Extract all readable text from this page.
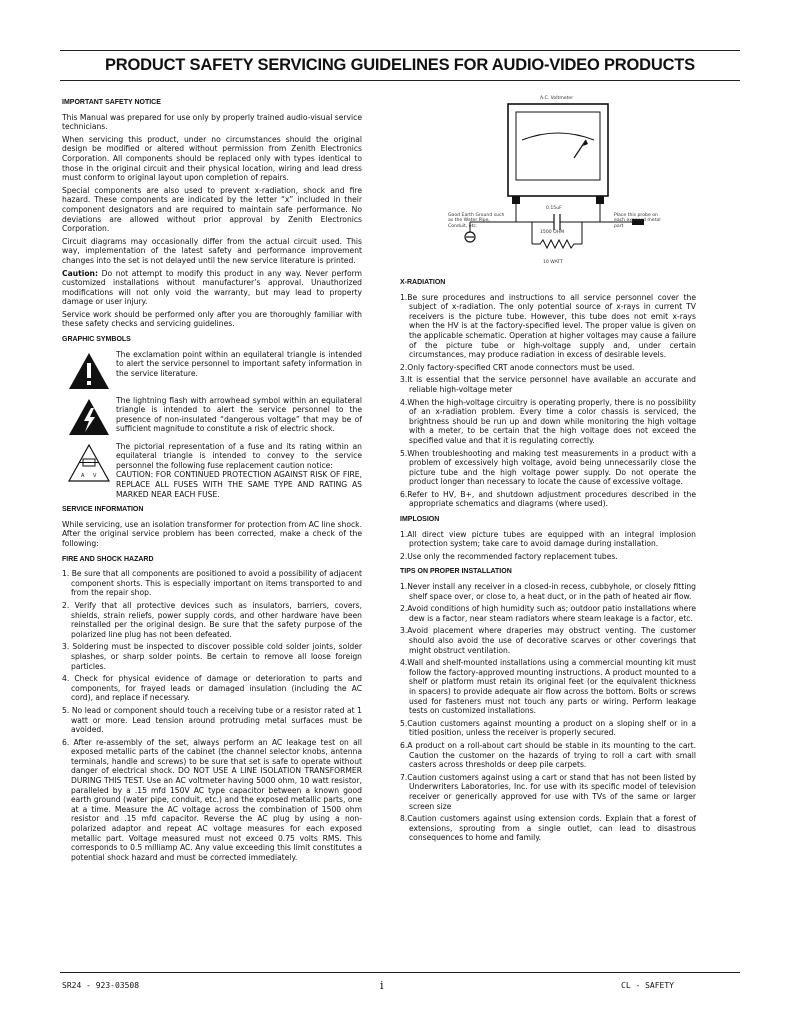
PRODUCT SAFETY SERVICING GUIDELINES FOR AUDIO-VIDEO PRODUCTS
IMPORTANT SAFETY NOTICE

This Manual was prepared for use only by properly trained audio-visual service technicians.

When servicing this product, under no circumstances should the original design be modified or altered without permission from Zenith Electronics Corporation. All components should be replaced only with types identical to those in the original circuit and their physical location, wiring and lead dress must conform to original layout upon completion of repairs.

Special components are also used to prevent x-radiation, shock and fire hazard. These components are indicated by the letter “x” included in their component designators and are required to maintain safe performance. No deviations are allowed without prior approval by Zenith Electronics Corporation.

Circuit diagrams may occasionally differ from the actual circuit used. This way, implementation of the latest safety and performance improvement changes into the set is not delayed until the new service literature is printed.

Caution: Do not attempt to modify this product in any way. Never perform customized installations without manufacturer’s approval. Unauthorized modifications will not only void the warranty, but may lead to property damage or user injury.

Service work should be performed only after you are thoroughly familiar with these safety checks and servicing guidelines.

GRAPHIC SYMBOLS
The exclamation point within an equilateral triangle is intended to alert the service personnel to important safety information in the service literature.
The lightning flash with arrowhead symbol within an equilateral triangle is intended to alert the service personnel to the presence of non-insulated “dangerous voltage” that may be of sufficient magnitude to constitute a risk of electric shock.
A V
The pictorial representation of a fuse and its rating within an equilateral triangle is intended to convey to the service personnel the following fuse replacement caution notice:
CAUTION: FOR CONTINUED PROTECTION AGAINST RISK OF FIRE, REPLACE ALL FUSES WITH THE SAME TYPE AND RATING AS MARKED NEAR EACH FUSE.
SERVICE INFORMATION

While servicing, use an isolation transformer for protection from AC line shock. After the original service problem has been corrected, make a check of the following:

FIRE AND SHOCK HAZARD
1. Be sure that all components are positioned to avoid a possibility of adjacent component shorts. This is especially important on items transported to and from the repair shop.
2. Verify that all protective devices such as insulators, barriers, covers, shields, strain reliefs, power supply cords, and other hardware have been reinstalled per the original design. Be sure that the safety purpose of the polarized line plug has not been defeated.
3. Soldering must be inspected to discover possible cold solder joints, solder splashes, or sharp solder points. Be certain to remove all loose foreign particles.
4. Check for physical evidence of damage or deterioration to parts and components, for frayed leads or damaged insulation (including the AC cord), and replace if necessary.
5. No lead or component should touch a receiving tube or a resistor rated at 1 watt or more. Lead tension around protruding metal surfaces must be avoided.
6. After re-assembly of the set, always perform an AC leakage test on all exposed metallic parts of the cabinet (the channel selector knobs, antenna terminals, handle and screws) to be sure that set is safe to operate without danger of electrical shock. DO NOT USE A LINE ISOLATION TRANSFORMER DURING THIS TEST. Use an AC voltmeter having 5000 ohm, 10 watt resistor, paralleled by a .15 mfd 150V AC type capacitor between a known good earth ground (water pipe, conduit, etc.) and the exposed metallic parts, one at a time. Measure the AC voltage across the combination of 1500 ohm resistor and .15 mfd capacitor. Reverse the AC plug by using a non-polarized adaptor and repeat AC voltage measures for each exposed metallic part. Voltage measured must not exceed 0.75 volts RMS. This corresponds to 0.5 milliamp AC. Any value exceeding this limit constitutes a potential shock hazard and must be corrected immediately.
A.C. Voltmeter
Good Earth Ground such as the Water Pipe, Conduit, etc.
0.15uF
Place this probe on each exposed metal part
1500 OHM
10 WATT
X-RADIATION
1.Be sure procedures and instructions to all service personnel cover the subject of x-radiation. The only potential source of x-rays in current TV receivers is the picture tube. However, this tube does not emit x-rays when the HV is at the factory-specified level. The proper value is given on the applicable schematic. Operation at higher voltages may cause a failure of the picture tube or high-voltage supply and, under certain circumstances, may produce radiation in excess of desirable levels.
2.Only factory-specified CRT anode connectors must be used.
3.It is essential that the service personnel have available an accurate and reliable high-voltage meter
4.When the high-voltage circuitry is operating properly, there is no possibility of an x-radiation problem. Every time a color chassis is serviced, the brightness should be run up and down while monitoring the high voltage with a meter, to be certain that the high voltage does not exceed the specified value and that it is regulating correctly.
5.When troubleshooting and making test measurements in a product with a problem of excessively high voltage, avoid being unnecessarily close the picture tube and the high voltage power supply. Do not operate the product longer than necessary to locate the cause of excessive voltage.
6.Refer to HV, B+, and shutdown adjustment procedures described in the appropriate schematics and diagrams (where used).
IMPLOSION
1.All direct view picture tubes are equipped with an integral implosion protection system; take care to avoid damage during installation.
2.Use only the recommended factory replacement tubes.
TIPS ON PROPER INSTALLATION
1.Never install any receiver in a closed-in recess, cubbyhole, or closely fitting shelf space over, or close to, a heat duct, or in the path of heated air flow.
2.Avoid conditions of high humidity such as; outdoor patio installations where dew is a factor, near steam radiators where steam leakage is a factor, etc.
3.Avoid placement where draperies may obstruct venting. The customer should also avoid the use of decorative scarves or other coverings that might obstruct ventilation.
4.Wall and shelf-mounted installations using a commercial mounting kit must follow the factory-approved mounting instructions. A product mounted to a shelf or platform must retain its original feet (or the equivalent thickness in spacers) to provide adequate air flow across the bottom. Bolts or screws used for fasteners must not touch any parts or wiring. Perform leakage tests on customized installations.
5.Caution customers against mounting a product on a sloping shelf or in a titled position, unless the receiver is properly secured.
6.A product on a roll-about cart should be stable in its mounting to the cart. Caution the customer on the hazards of trying to roll a cart with small casters across thresholds or deep pile carpets.
7.Caution customers against using a cart or stand that has not been listed by Underwriters Laboratories, Inc. for use with its specific model of television receiver or generically approved for use with TVs of the same or larger screen size
8.Caution customers against using extension cords. Explain that a forest of extensions, sprouting from a single outlet, can lead to disastrous consequences to home and family.
SR24 - 923-03508	i	CL - SAFETY
